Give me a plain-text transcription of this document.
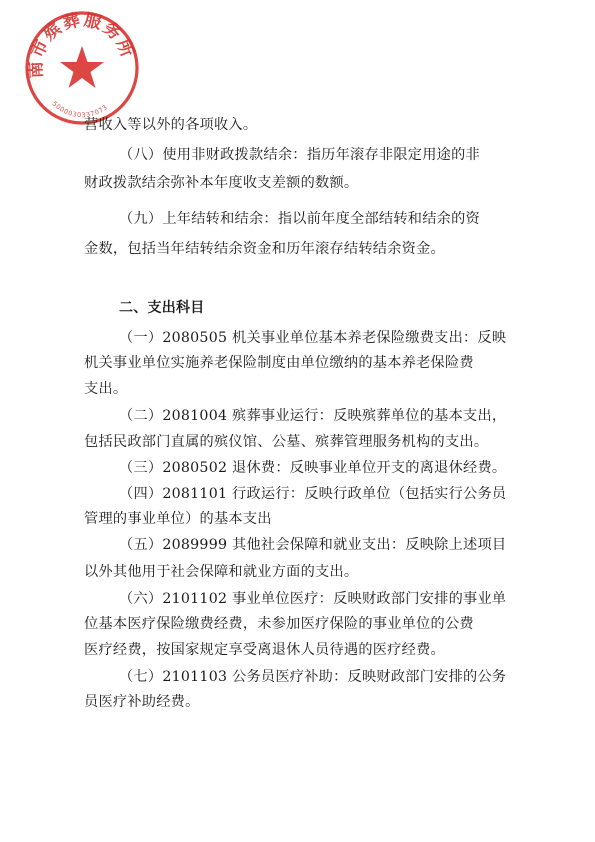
南市殡葬服务所
5000030337073
营收入等以外的各项收入。
（八）使用非财政拨款结余：指历年滚存非限定用途的非
财政拨款结余弥补本年度收支差额的数额。
（九）上年结转和结余：指以前年度全部结转和结余的资
金数，包括当年结转结余资金和历年滚存结转结余资金。
二、支出科目
（一）2080505 机关事业单位基本养老保险缴费支出：反映
机关事业单位实施养老保险制度由单位缴纳的基本养老保险费
支出。
（二）2081004 殡葬事业运行：反映殡葬单位的基本支出，
包括民政部门直属的殡仪馆、公墓、殡葬管理服务机构的支出。
（三）2080502 退休费：反映事业单位开支的离退休经费。
（四）2081101 行政运行：反映行政单位（包括实行公务员
管理的事业单位）的基本支出
（五）2089999 其他社会保障和就业支出：反映除上述项目
以外其他用于社会保障和就业方面的支出。
（六）2101102 事业单位医疗：反映财政部门安排的事业单
位基本医疗保险缴费经费，未参加医疗保险的事业单位的公费
医疗经费，按国家规定享受离退休人员待遇的医疗经费。
（七）2101103 公务员医疗补助：反映财政部门安排的公务
员医疗补助经费。
